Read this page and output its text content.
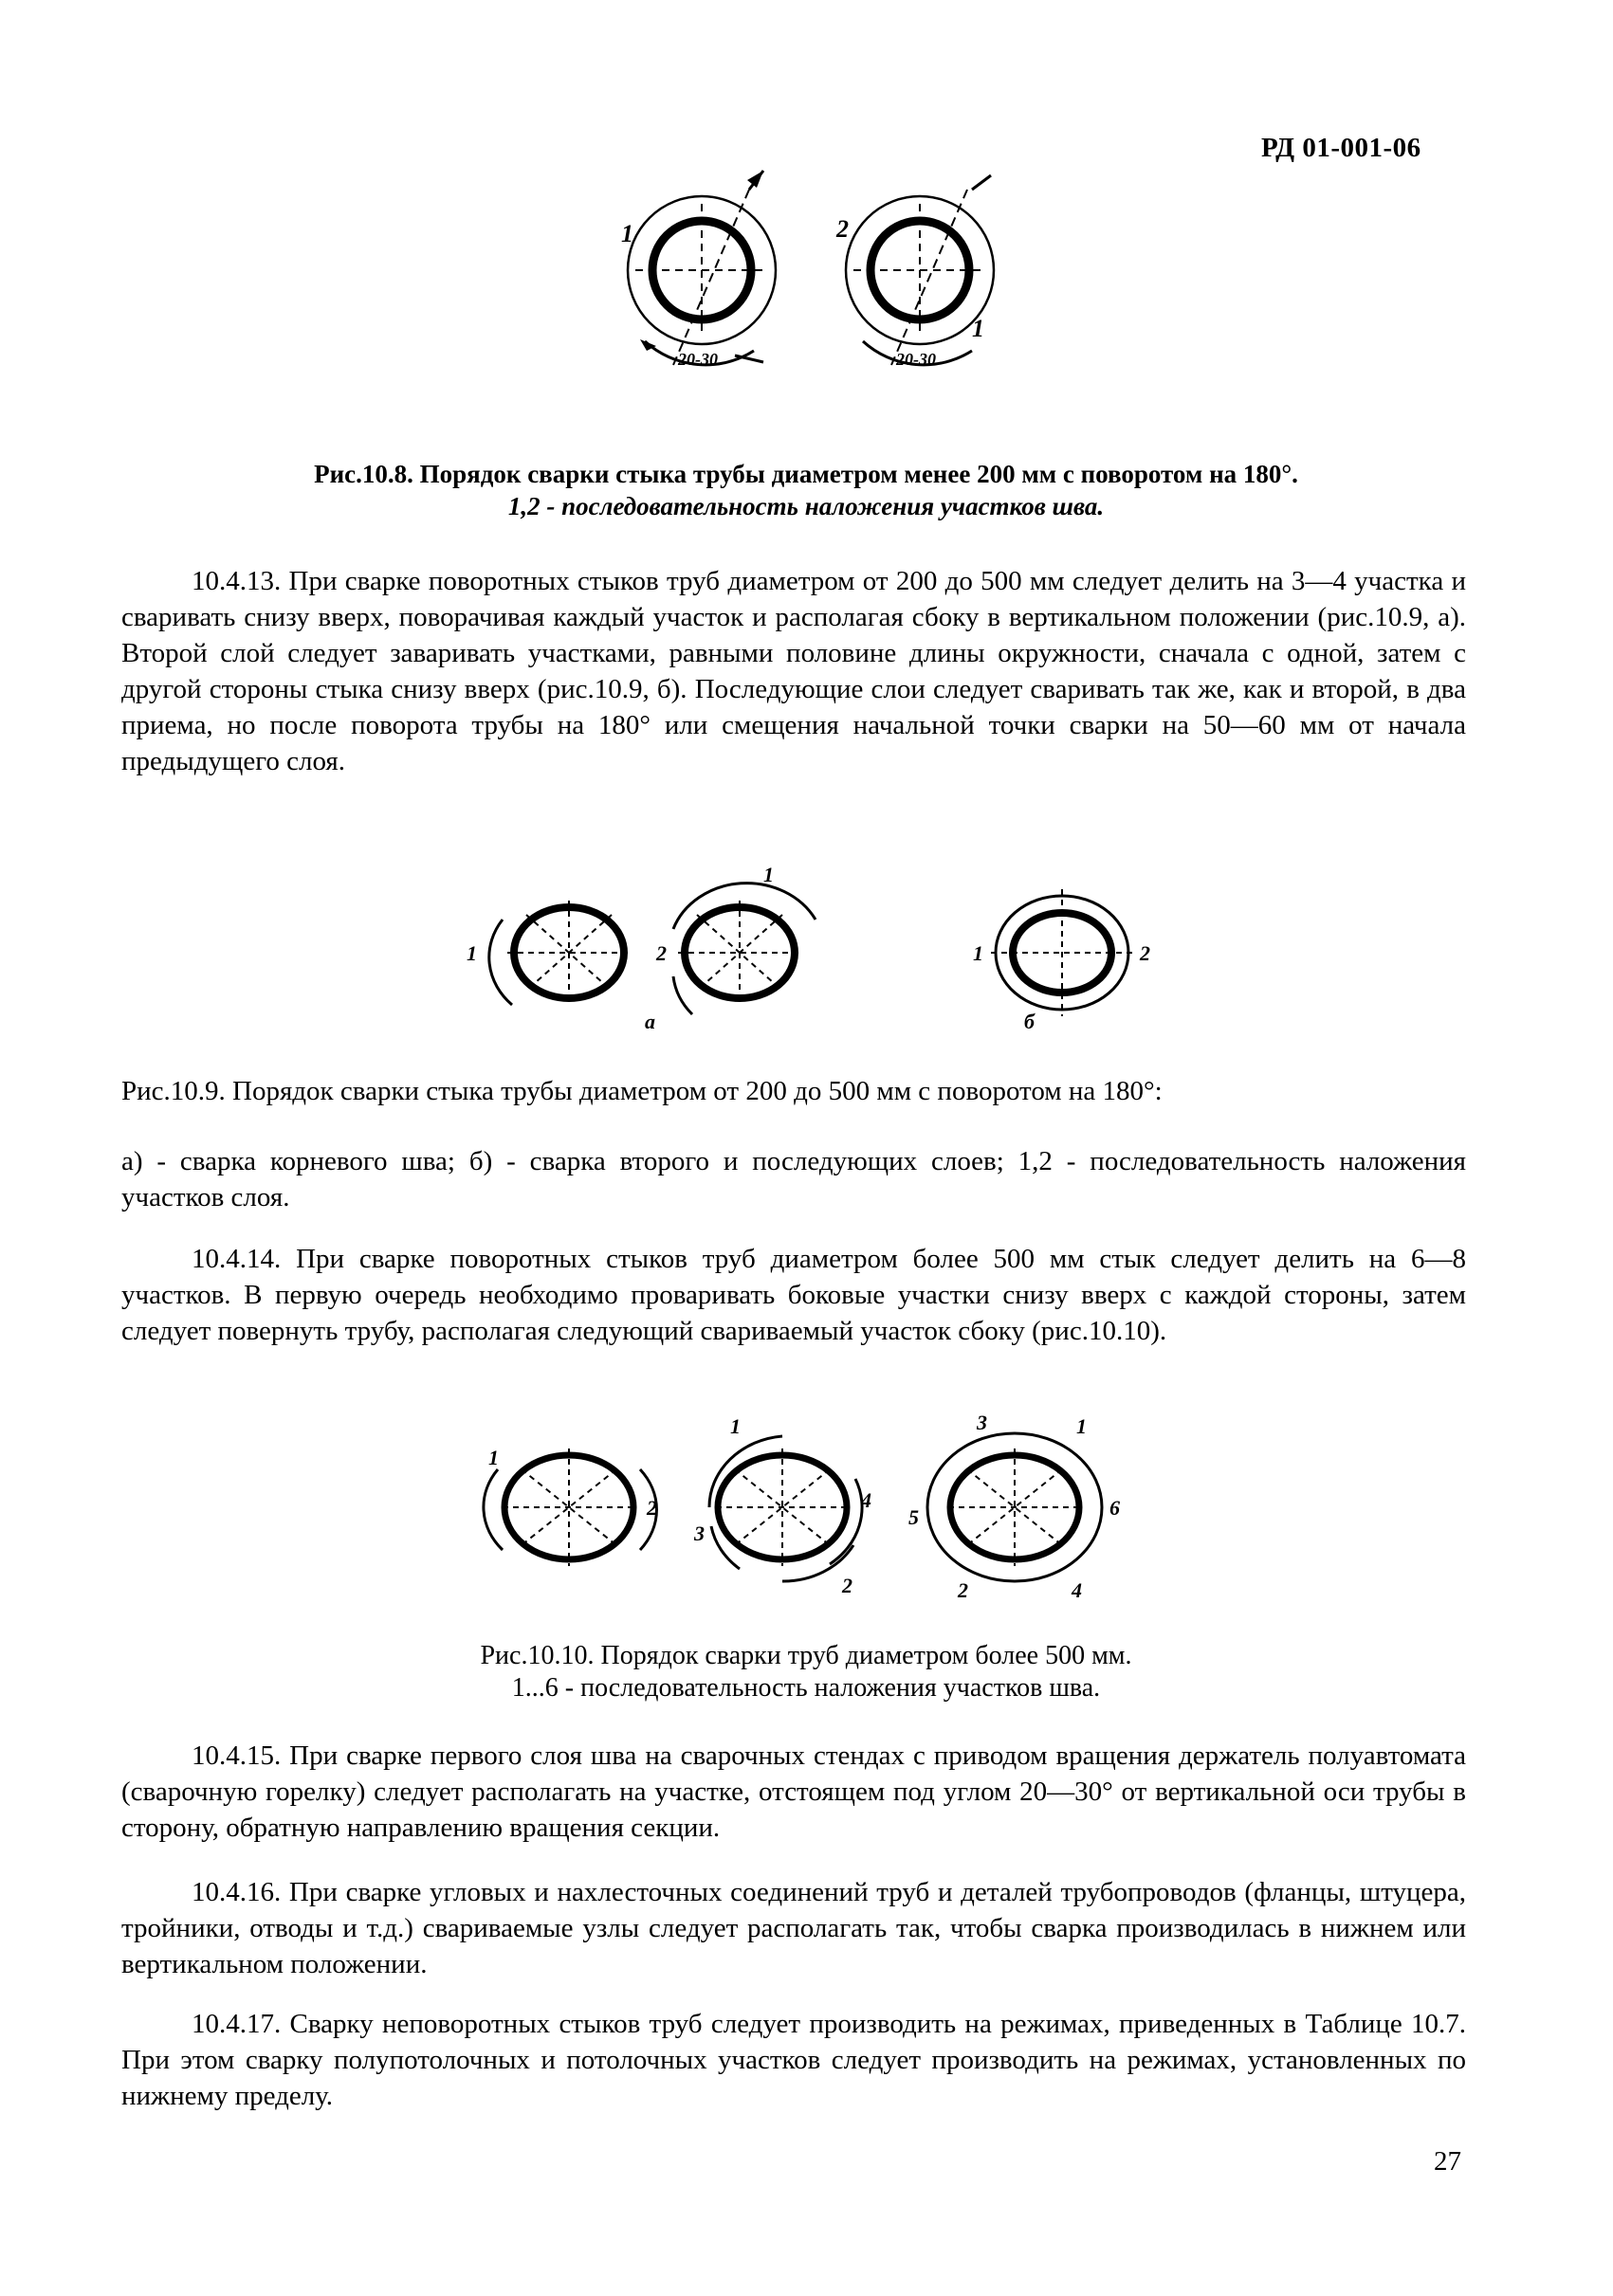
РД 01-001-06
1
20-30
2
1
20-30
Рис.10.8. Порядок сварки стыка трубы диаметром менее 200 мм с поворотом на 180°.
1,2 - последовательность наложения участков шва.
10.4.13. При сварке поворотных стыков труб диаметром от 200 до 500 мм следует делить на 3—4 участка и сваривать снизу вверх, поворачивая каждый участок и располагая сбоку в вертикальном положении (рис.10.9, а). Второй слой следует заваривать участками, равными половине длины окружности, сначала с одной, затем с другой стороны стыка снизу вверх (рис.10.9, б). Последующие слои следует сваривать так же, как и второй, в два приема, но после поворота трубы на 180° или смещения начальной точки сварки на 50—60 мм от начала предыдущего слоя.
1	2
1
а
1	2
б
Рис.10.9. Порядок сварки стыка трубы диаметром от 200 до 500 мм с поворотом на 180°:
а) - сварка корневого шва; б) - сварка второго и последующих слоев; 1,2 - последовательность наложения участков слоя.
10.4.14. При сварке поворотных стыков труб диаметром более 500 мм стык следует делить на 6—8 участков. В первую очередь необходимо проваривать боковые участки снизу вверх с каждой стороны, затем следует повернуть трубу, располагая следующий свариваемый участок сбоку (рис.10.10).
1
2
1
3
4
2
3	1
5	6
2	4
Рис.10.10. Порядок сварки труб диаметром более 500 мм.
1...6 - последовательность наложения участков шва.
10.4.15. При сварке первого слоя шва на сварочных стендах с приводом вращения держатель полуавтомата (сварочную горелку) следует располагать на участке, отстоящем под углом 20—30° от вертикальной оси трубы в сторону, обратную направлению вращения секции.
10.4.16. При сварке угловых и нахлесточных соединений труб и деталей трубопроводов (фланцы, штуцера, тройники, отводы и т.д.) свариваемые узлы следует располагать так, чтобы сварка производилась в нижнем или вертикальном положении.
10.4.17. Сварку неповоротных стыков труб следует производить на режимах, приведенных в Таблице 10.7. При этом сварку полупотолочных и потолочных участков следует производить на режимах, установленных по нижнему пределу.
27
